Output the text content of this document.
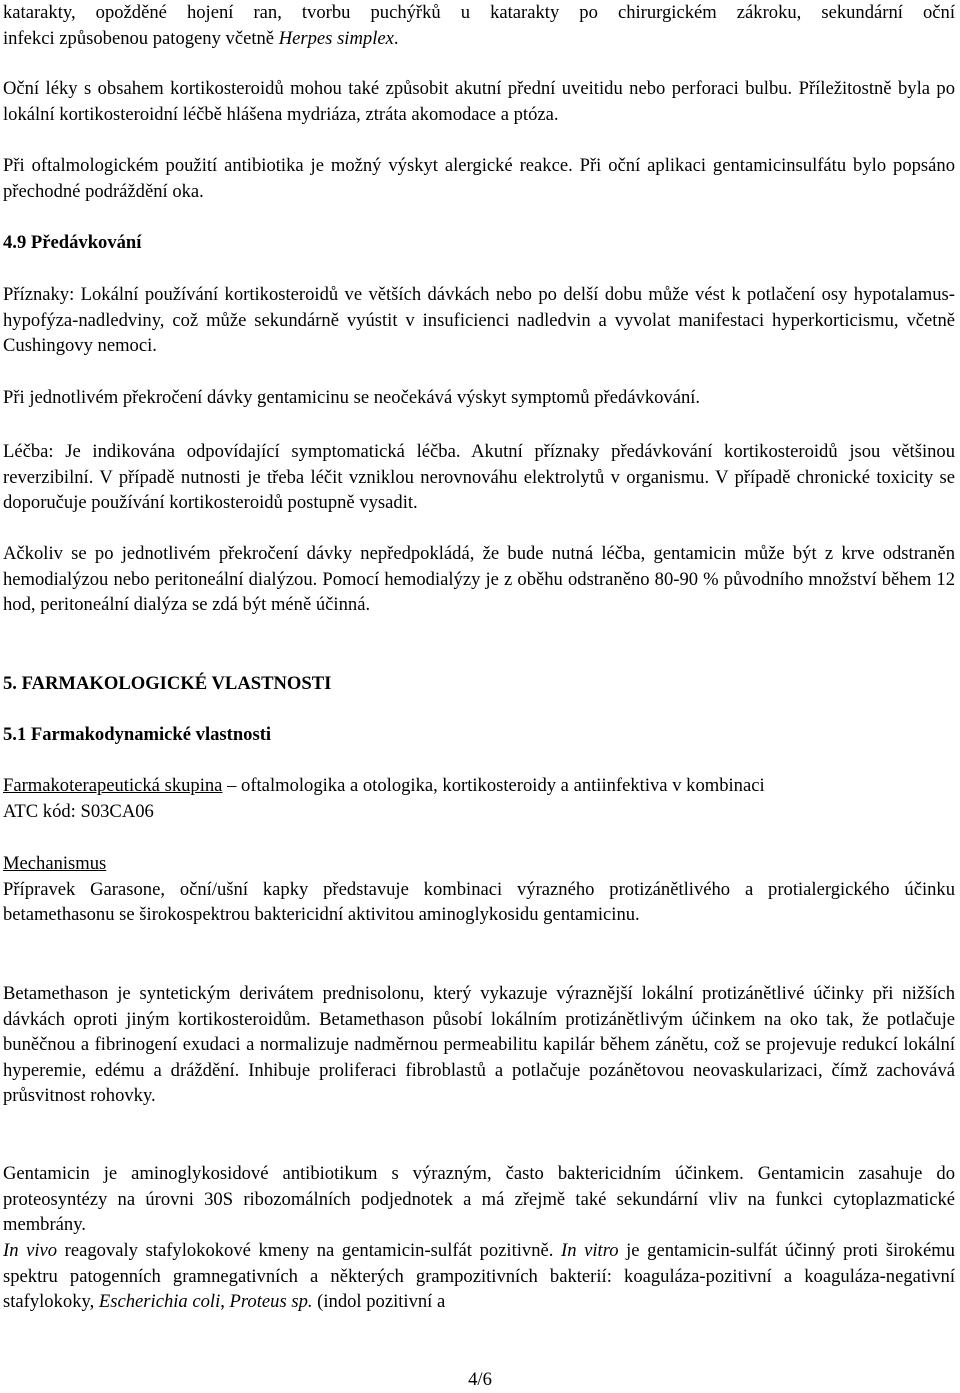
katarakty, opožděné hojení ran, tvorbu puchýřků u katarakty po chirurgickém zákroku, sekundární oční

infekci způsobenou patogeny včetně Herpes simplex.

Oční léky s obsahem kortikosteroidů mohou také způsobit akutní přední uveitidu nebo perforaci bulbu. Příležitostně byla po lokální kortikosteroidní léčbě hlášena mydriáza, ztráta akomodace a ptóza.

Při oftalmologickém použití antibiotika je možný výskyt alergické reakce. Při oční aplikaci gentamicinsulfátu bylo popsáno přechodné podráždění oka.

4.9 Předávkování

Příznaky: Lokální používání kortikosteroidů ve větších dávkách nebo po delší dobu může vést k potlačení osy hypotalamus-hypofýza-nadledviny, což může sekundárně vyústit v insuficienci nadledvin a vyvolat manifestaci hyperkorticismu, včetně Cushingovy nemoci.

Při jednotlivém překročení dávky gentamicinu se neočekává výskyt symptomů předávkování.

Léčba: Je indikována odpovídající symptomatická léčba. Akutní příznaky předávkování kortikosteroidů jsou většinou reverzibilní. V případě nutnosti je třeba léčit vzniklou nerovnováhu elektrolytů v organismu. V případě chronické toxicity se doporučuje používání kortikosteroidů postupně vysadit.

Ačkoliv se po jednotlivém překročení dávky nepředpokládá, že bude nutná léčba, gentamicin může být z krve odstraněn hemodialýzou nebo peritoneální dialýzou. Pomocí hemodialýzy je z oběhu odstraněno 80-90 % původního množství během 12 hod, peritoneální dialýza se zdá být méně účinná.

5. FARMAKOLOGICKÉ VLASTNOSTI

5.1 Farmakodynamické vlastnosti

Farmakoterapeutická skupina – oftalmologika a otologika, kortikosteroidy a antiinfektiva v kombinaci

ATC kód: S03CA06

Mechanismus

Přípravek Garasone, oční/ušní kapky představuje kombinaci výrazného protizánětlivého a protialergického účinku betamethasonu se širokospektrou baktericidní aktivitou aminoglykosidu gentamicinu.

Betamethason je syntetickým derivátem prednisolonu, který vykazuje výraznější lokální protizánětlivé účinky při nižších dávkách oproti jiným kortikosteroidům. Betamethason působí lokálním protizánětlivým účinkem na oko tak, že potlačuje buněčnou a fibrinogení exudaci a normalizuje nadměrnou permeabilitu kapilár během zánětu, což se projevuje redukcí lokální hyperemie, edému a dráždění. Inhibuje proliferaci fibroblastů a potlačuje pozánětovou neovaskularizaci, čímž zachovává průsvitnost rohovky.

Gentamicin je aminoglykosidové antibiotikum s výrazným, často baktericidním účinkem. Gentamicin zasahuje do proteosyntézy na úrovni 30S ribozomálních podjednotek a má zřejmě také sekundární vliv na funkci cytoplazmatické membrány.

In vivo reagovaly stafylokokové kmeny na gentamicin-sulfát pozitivně. In vitro je gentamicin-sulfát účinný proti širokému spektru patogenních gramnegativních a některých grampozitivních bakterií: koaguláza-pozitivní a koaguláza-negativní stafylokoky, Escherichia coli, Proteus sp. (indol pozitivní a

4/6
